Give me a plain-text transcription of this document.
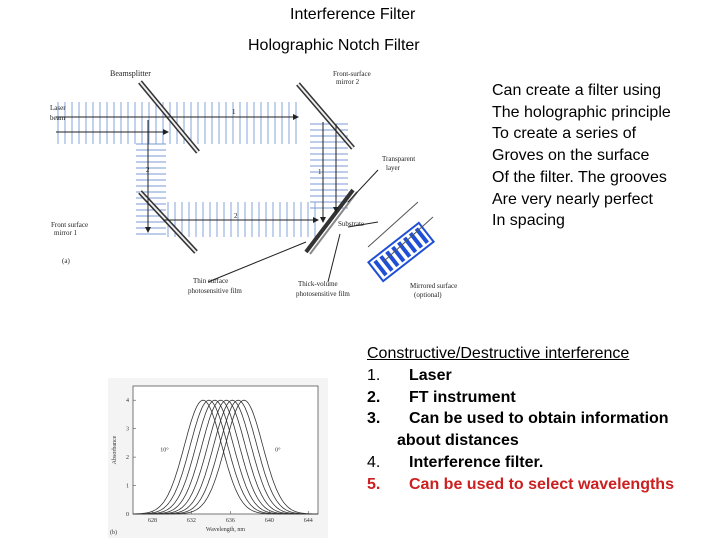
Interference Filter
Holographic Notch Filter
Beamsplitter
Laser
beam
Front-surface
mirror 2
Front surface
mirror 1
Transparent
layer
Substrate
Thin surface
photosensitive film
Thick-volume
photosensitive film
Mirrored surface
(optional)
(a)
1
2	1
2
Can create a filter using
The holographic principle
To create a series of
Groves on the surface
Of the filter. The grooves
Are very nearly perfect
In spacing
628	632	636	640	644
0
1
2
3
4
Wavelength, nm
Absorbance
(b)
10°	0°
Constructive/Destructive interference
1. Laser
2. FT instrument
3. Can be used to obtain information
about distances
4. Interference filter.
5. Can be used to select wavelengths
